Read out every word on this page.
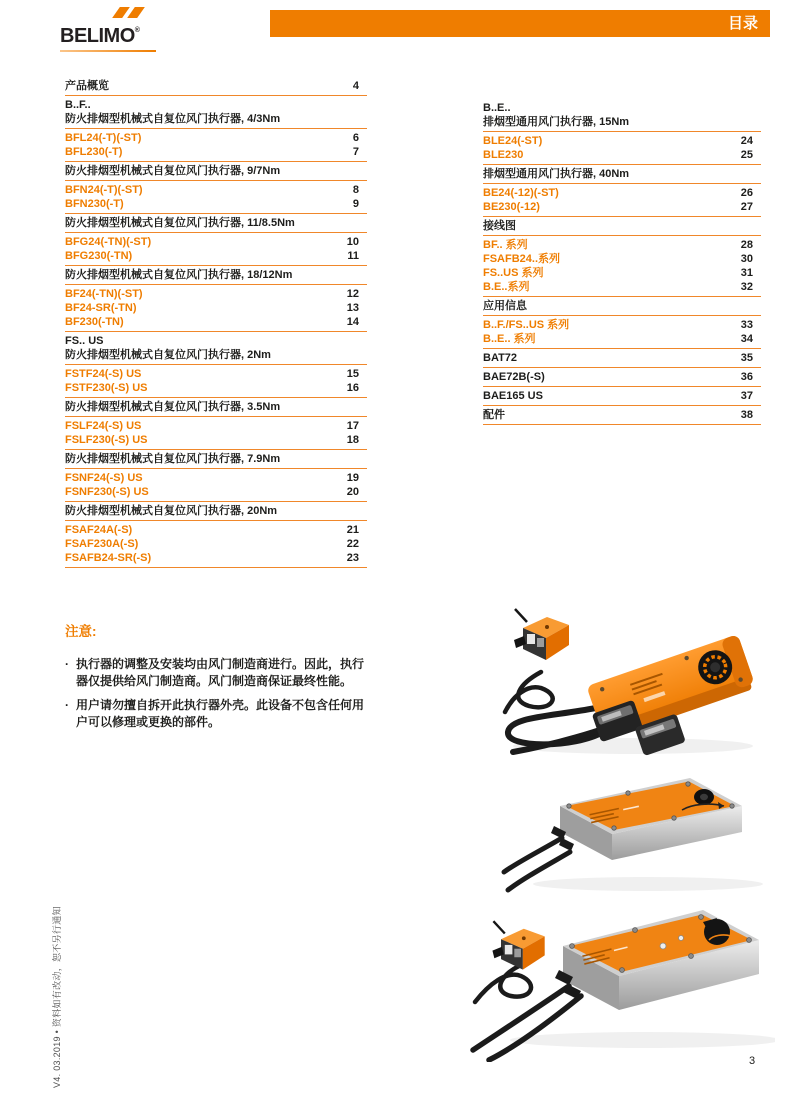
BELIMO®	目录
产品概览	4
B..F..
防火排烟型机械式自复位风门执行器, 4/3Nm
BFL24(-T)(-ST)	6
BFL230(-T)	7
防火排烟型机械式自复位风门执行器, 9/7Nm
BFN24(-T)(-ST)	8
BFN230(-T)	9
防火排烟型机械式自复位风门执行器, 11/8.5Nm
BFG24(-TN)(-ST)	10
BFG230(-TN)	11
防火排烟型机械式自复位风门执行器, 18/12Nm
BF24(-TN)(-ST)	12
BF24-SR(-TN)	13
BF230(-TN)	14
FS.. US
防火排烟型机械式自复位风门执行器, 2Nm
FSTF24(-S) US	15
FSTF230(-S) US	16
防火排烟型机械式自复位风门执行器, 3.5Nm
FSLF24(-S) US	17
FSLF230(-S) US	18
防火排烟型机械式自复位风门执行器, 7.9Nm
FSNF24(-S) US	19
FSNF230(-S) US	20
防火排烟型机械式自复位风门执行器, 20Nm
FSAF24A(-S)	21
FSAF230A(-S)	22
FSAFB24-SR(-S)	23
B..E..
排烟型通用风门执行器, 15Nm
BLE24(-ST)	24
BLE230	25
排烟型通用风门执行器, 40Nm
BE24(-12)(-ST)	26
BE230(-12)	27
接线图
BF.. 系列	28
FSAFB24..系列	30
FS..US 系列	31
B.E..系列	32
应用信息
B..F./FS..US 系列	33
B..E.. 系列	34
BAT72	35
BAE72B(-S)	36
BAE165 US	37
配件	38
注意:
· 执行器的调整及安装均由风门制造商进行。因此，执行器仅提供给风门制造商。风门制造商保证最终性能。
· 用户请勿擅自拆开此执行器外壳。此设备不包含任何用户可以修理或更换的部件。
V4. 03.2019 • 资料如有改动，恕不另行通知	3
